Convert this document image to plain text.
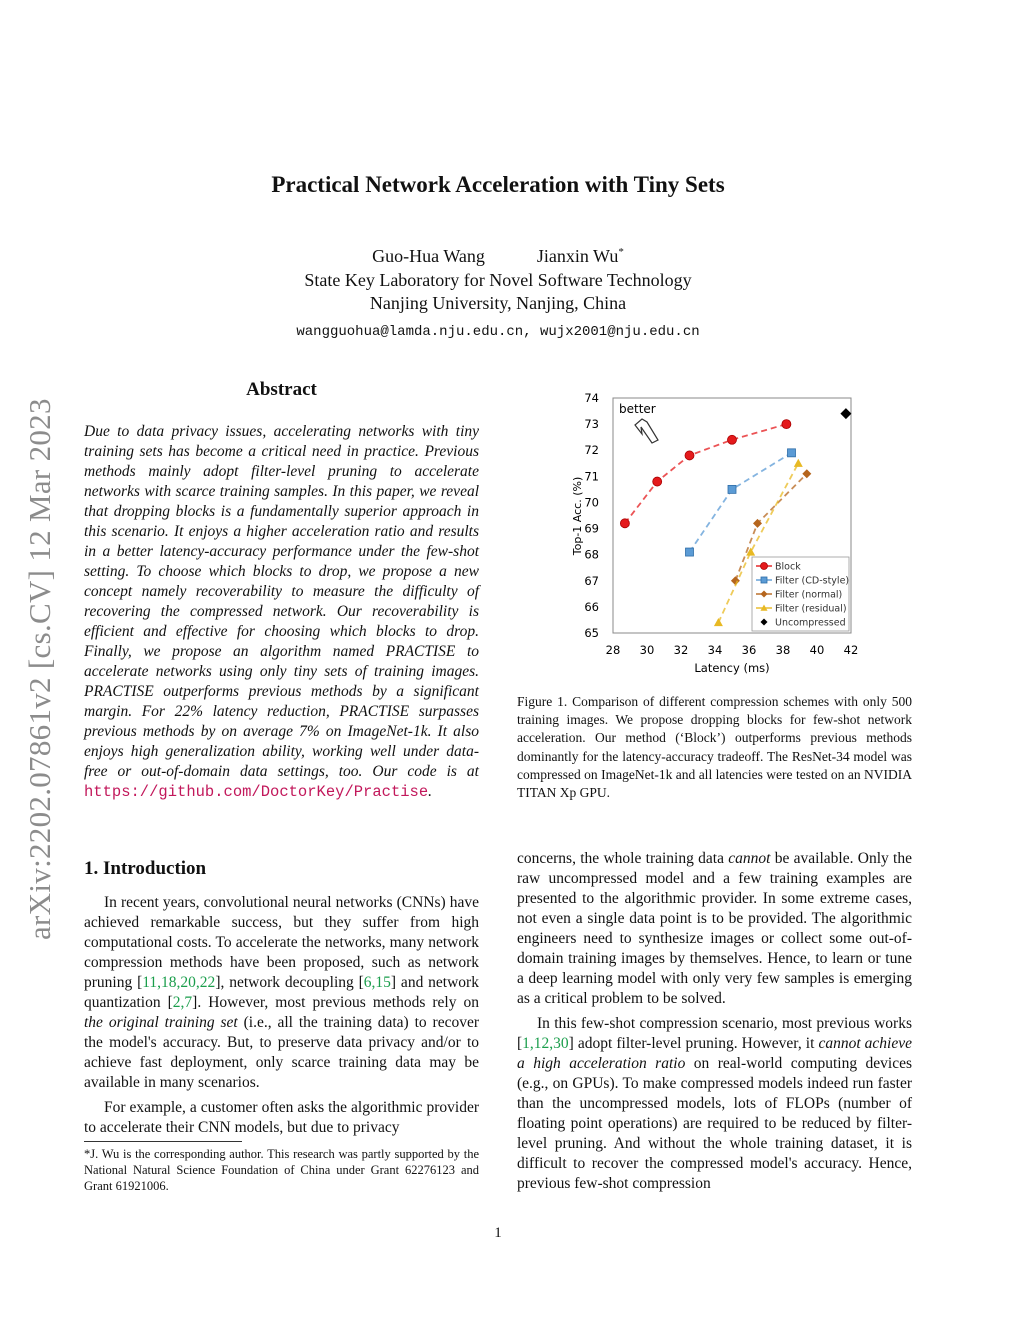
arXiv:2202.07861v2 [cs.CV] 12 Mar 2023
Practical Network Acceleration with Tiny Sets
Guo-Hua Wang	Jianxin Wu*
State Key Laboratory for Novel Software Technology
Nanjing University, Nanjing, China
wangguohua@lamda.nju.edu.cn, wujx2001@nju.edu.cn
Abstract
Due to data privacy issues, accelerating networks with tiny training sets has become a critical need in practice. Previous methods mainly adopt filter-level pruning to accelerate networks with scarce training samples. In this paper, we reveal that dropping blocks is a fundamentally superior approach in this scenario. It enjoys a higher acceleration ratio and results in a better latency-accuracy performance under the few-shot setting. To choose which blocks to drop, we propose a new concept namely recoverability to measure the difficulty of recovering the compressed network. Our recoverability is efficient and effective for choosing which blocks to drop. Finally, we propose an algorithm named PRACTISE to accelerate networks using only tiny sets of training images. PRACTISE outperforms previous methods by a significant margin. For 22% latency reduction, PRACTISE surpasses previous methods by on average 7% on ImageNet-1k. It also enjoys high generalization ability, working well under data-free or out-of-domain data settings, too. Our code is at https://github.com/DoctorKey/Practise.
1. Introduction

In recent years, convolutional neural networks (CNNs) have achieved remarkable success, but they suffer from high computational costs. To accelerate the networks, many network compression methods have been proposed, such as network pruning [11,18,20,22], network decoupling [6,15] and network quantization [2,7]. However, most previous methods rely on the original training set (i.e., all the training data) to recover the model's accuracy. But, to preserve data privacy and/or to achieve fast deployment, only scarce training data may be available in many scenarios.

For example, a customer often asks the algorithmic provider to accelerate their CNN models, but due to privacy

*J. Wu is the corresponding author. This research was partly supported by the National Natural Science Foundation of China under Grant 62276123 and Grant 61921006.
65
66
67
68
69
70
71
72
73
74
28 30 32 34 36 38 40 42
Top-1 Acc. (%)
Latency (ms)
better
Block
Filter (CD-style)
Filter (normal)
Filter (residual)
Uncompressed
Figure 1. Comparison of different compression schemes with only 500 training images. We propose dropping blocks for few-shot network acceleration. Our method (‘Block’) outperforms previous methods dominantly for the latency-accuracy tradeoff. The ResNet-34 model was compressed on ImageNet-1k and all latencies were tested on an NVIDIA TITAN Xp GPU.

concerns, the whole training data cannot be available. Only the raw uncompressed model and a few training examples are presented to the algorithmic provider. In some extreme cases, not even a single data point is to be provided. The algorithmic engineers need to synthesize images or collect some out-of-domain training images by themselves. Hence, to learn or tune a deep learning model with only very few samples is emerging as a critical problem to be solved.

In this few-shot compression scenario, most previous works [1,12,30] adopt filter-level pruning. However, it cannot achieve a high acceleration ratio on real-world computing devices (e.g., on GPUs). To make compressed models indeed run faster than the uncompressed models, lots of FLOPs (number of floating point operations) are required to be reduced by filter-level pruning. And without the whole training dataset, it is difficult to recover the compressed model's accuracy. Hence, previous few-shot compression

1
